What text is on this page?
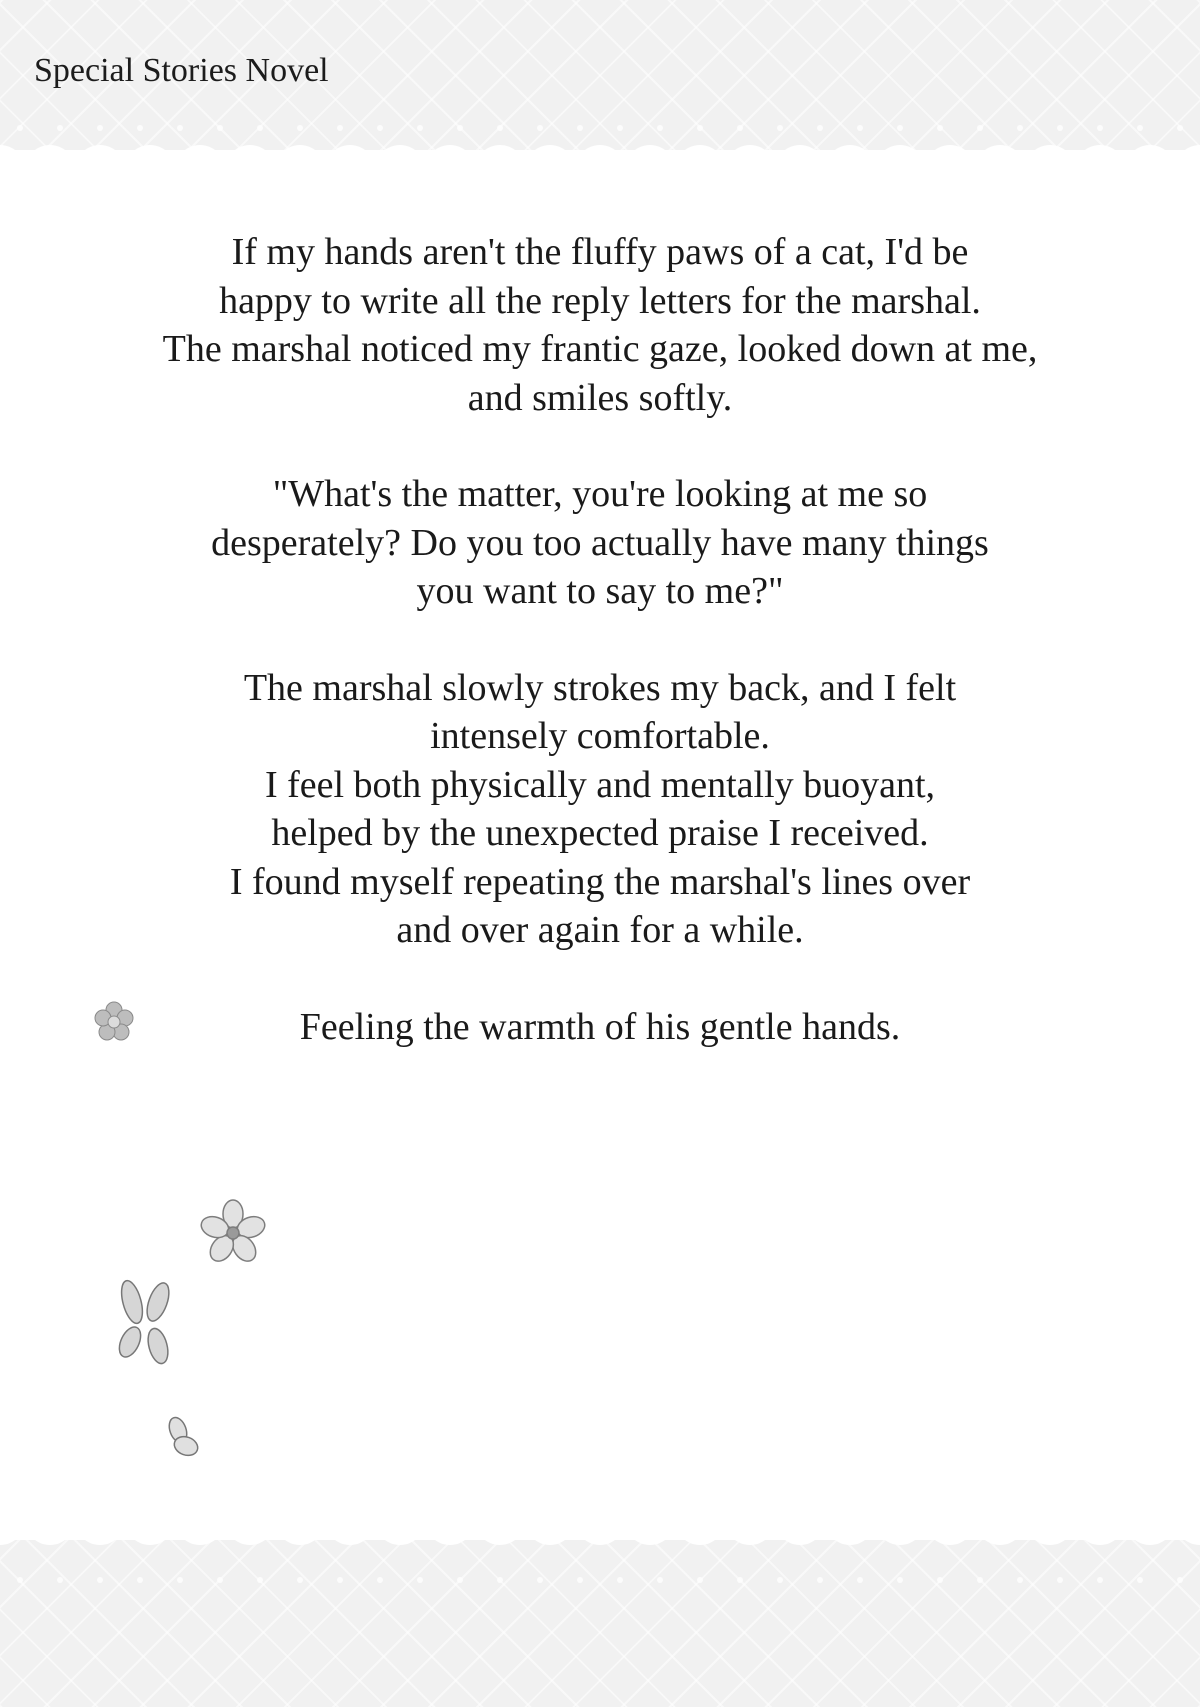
Special Stories Novel

If my hands aren't the fluffy paws of a cat, I'd be
happy to write all the reply letters for the marshal.
The marshal noticed my frantic gaze, looked down at me,
and smiles softly.

"What's the matter, you're looking at me so
desperately? Do you too actually have many things
you want to say to me?"

The marshal slowly strokes my back, and I felt
intensely comfortable.
I feel both physically and mentally buoyant,
helped by the unexpected praise I received.
I found myself repeating the marshal's lines over
and over again for a while.

Feeling the warmth of his gentle hands.
